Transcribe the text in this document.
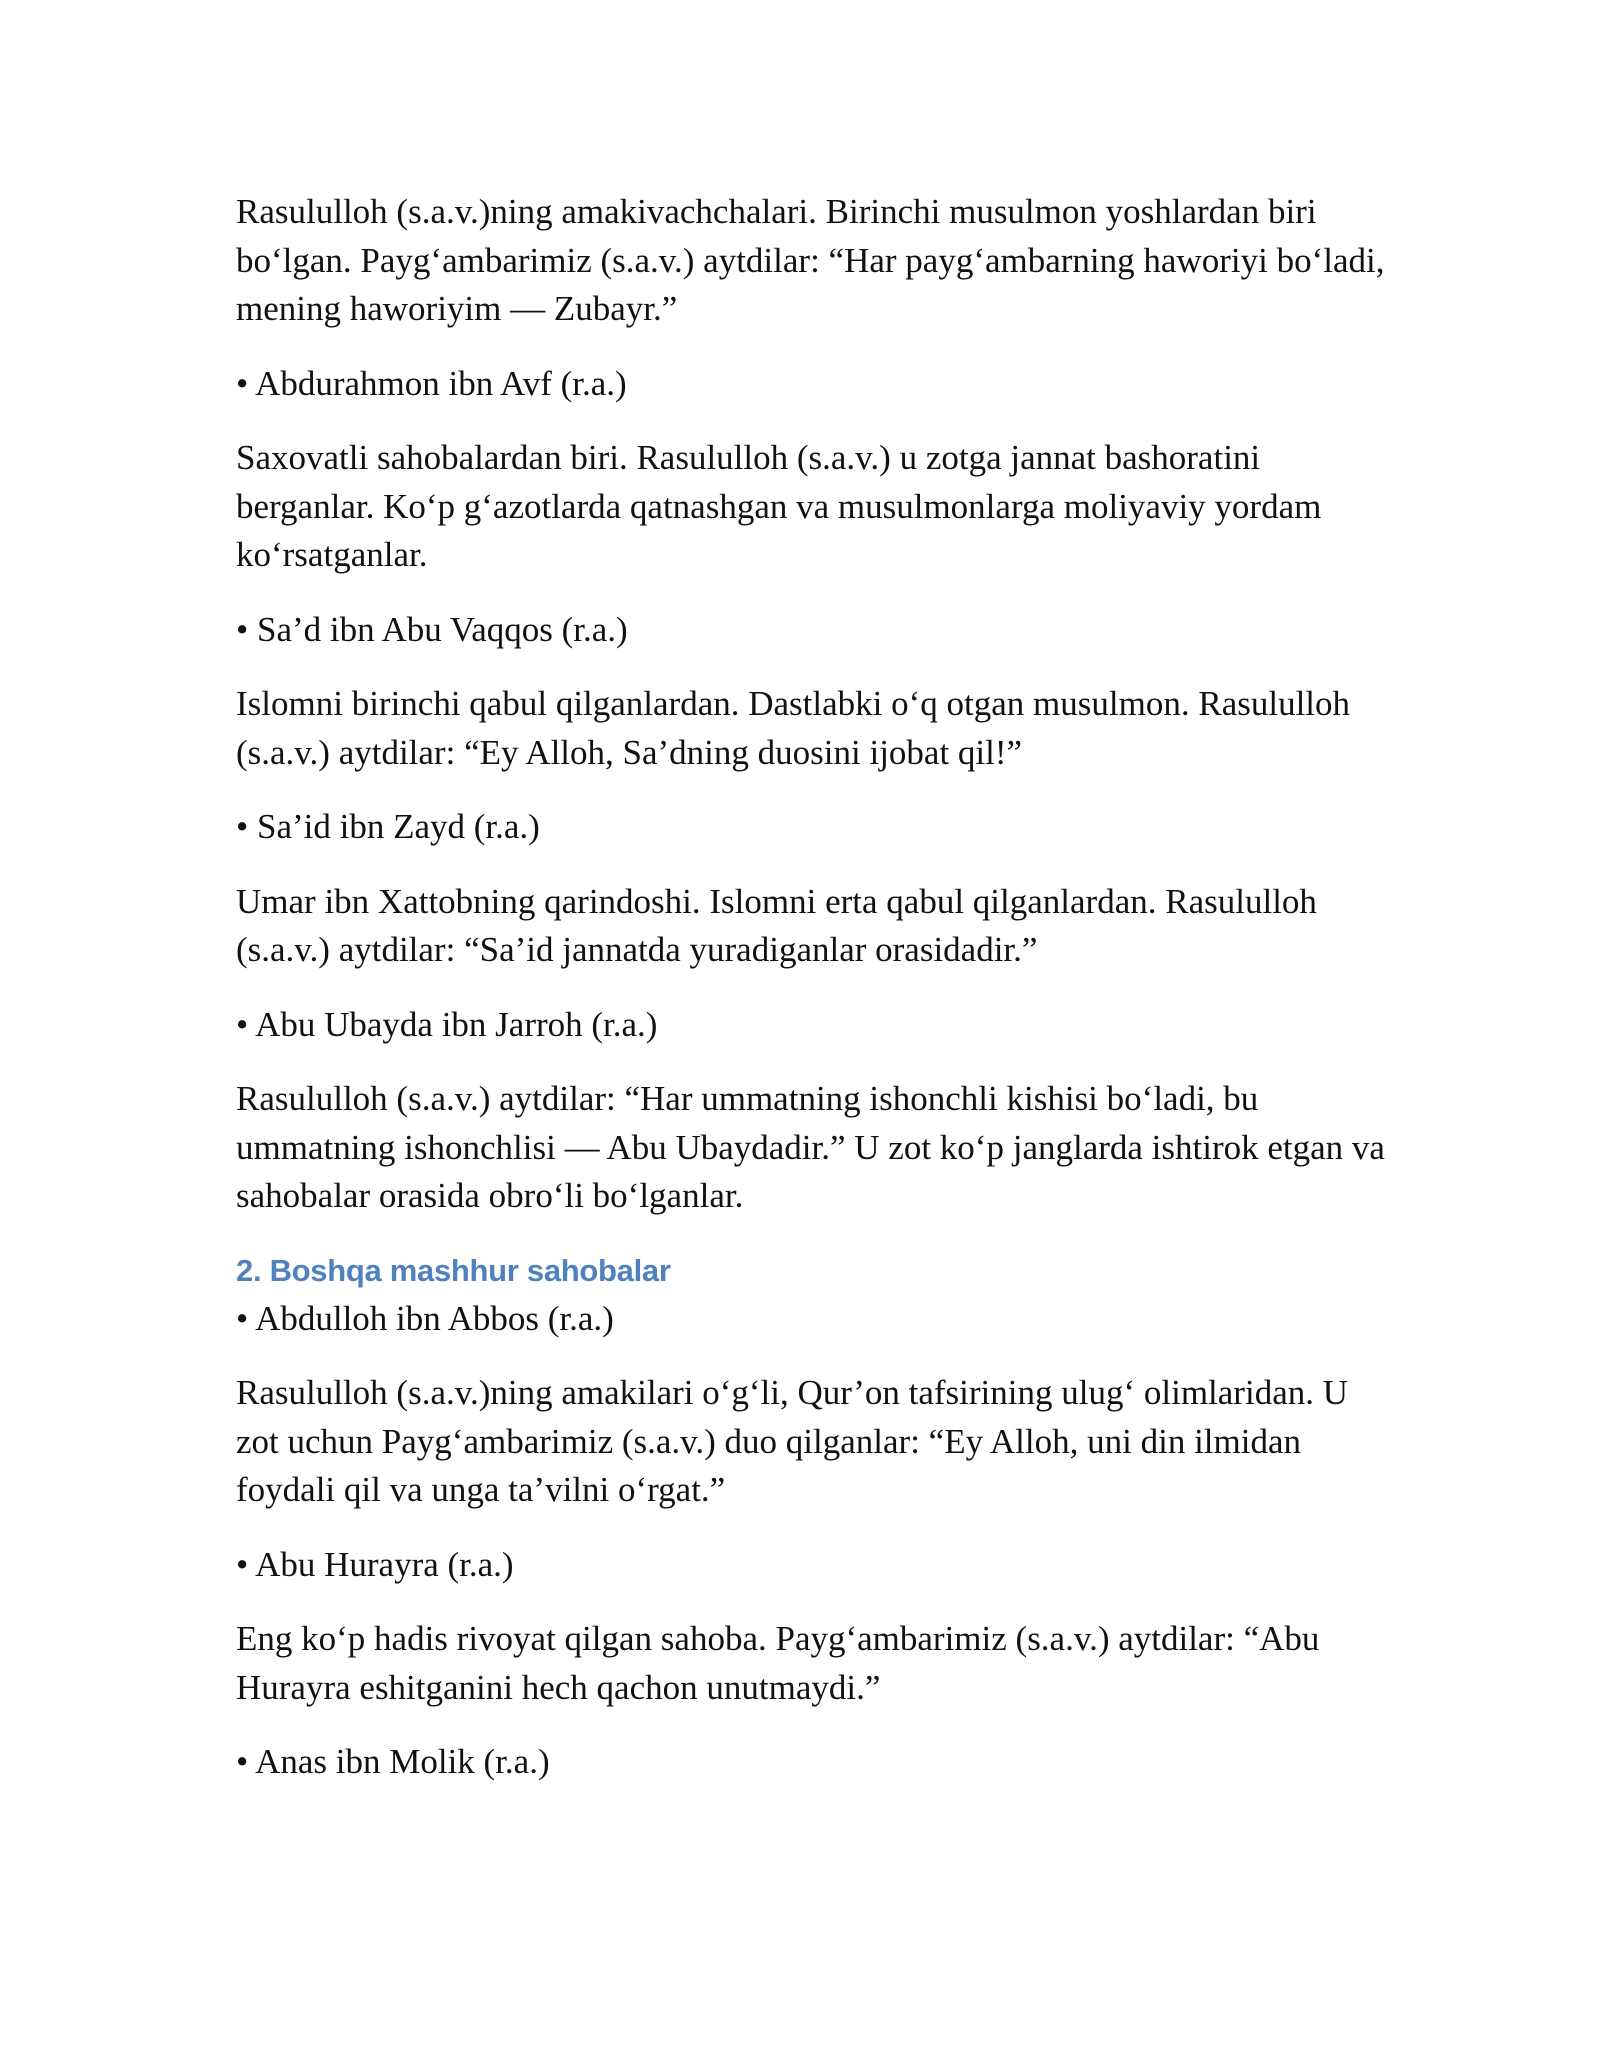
Rasululloh (s.a.v.)ning amakivachchalari. Birinchi musulmon yoshlardan biri bo‘lgan. Payg‘ambarimiz (s.a.v.) aytdilar: “Har payg‘ambarning haworiyi bo‘ladi, mening haworiyim — Zubayr.”

• Abdurahmon ibn Avf (r.a.)

Saxovatli sahobalardan biri. Rasululloh (s.a.v.) u zotga jannat bashoratini berganlar. Ko‘p g‘azotlarda qatnashgan va musulmonlarga moliyaviy yordam ko‘rsatganlar.

• Sa’d ibn Abu Vaqqos (r.a.)

Islomni birinchi qabul qilganlardan. Dastlabki o‘q otgan musulmon. Rasululloh (s.a.v.) aytdilar: “Ey Alloh, Sa’dning duosini ijobat qil!”

• Sa’id ibn Zayd (r.a.)

Umar ibn Xattobning qarindoshi. Islomni erta qabul qilganlardan. Rasululloh (s.a.v.) aytdilar: “Sa’id jannatda yuradiganlar orasidadir.”

• Abu Ubayda ibn Jarroh (r.a.)

Rasululloh (s.a.v.) aytdilar: “Har ummatning ishonchli kishisi bo‘ladi, bu ummatning ishonchlisi — Abu Ubaydadir.” U zot ko‘p janglarda ishtirok etgan va sahobalar orasida obro‘li bo‘lganlar.

2. Boshqa mashhur sahobalar

• Abdulloh ibn Abbos (r.a.)

Rasululloh (s.a.v.)ning amakilari o‘g‘li, Qur’on tafsirining ulug‘ olimlaridan. U zot uchun Payg‘ambarimiz (s.a.v.) duo qilganlar: “Ey Alloh, uni din ilmidan foydali qil va unga ta’vilni o‘rgat.”

• Abu Hurayra (r.a.)

Eng ko‘p hadis rivoyat qilgan sahoba. Payg‘ambarimiz (s.a.v.) aytdilar: “Abu Hurayra eshitganini hech qachon unutmaydi.”

• Anas ibn Molik (r.a.)
